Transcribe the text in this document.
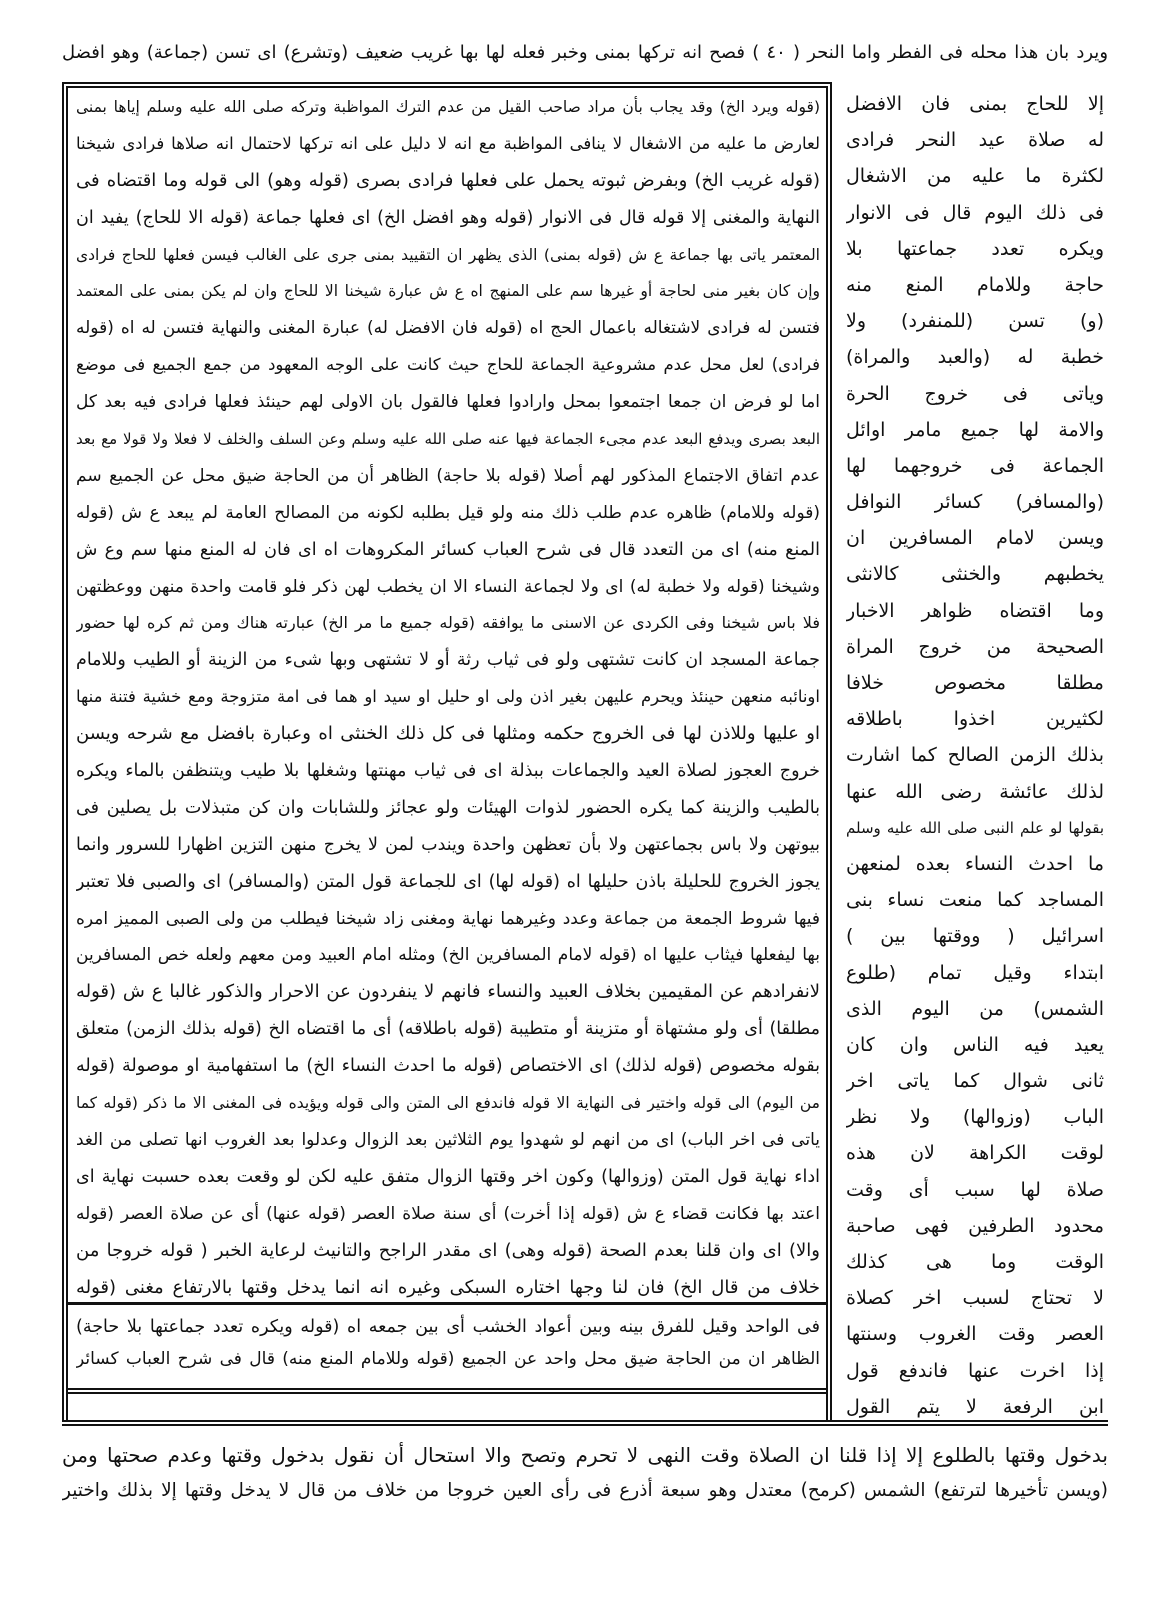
ويرد بان هذا محله فى الفطر واما النحر ( ٤٠ ) فصح انه تركها بمنى وخبر فعله لها بها غريب ضعيف (وتشرع) اى تسن (جماعة) وهو افضل
(قوله ويرد الخ) وقد يجاب بأن مراد صاحب القيل من عدم الترك المواظبة وتركه صلى الله عليه وسلم إياها بمنى
لعارض ما عليه من الاشغال لا ينافى المواظبة مع انه لا دليل على انه تركها لاحتمال انه صلاها فرادى شيخنا
(قوله غريب الخ) وبفرض ثبوته يحمل على فعلها فرادى بصرى (قوله وهو) الى قوله وما اقتضاه فى
النهاية والمغنى إلا قوله قال فى الانوار (قوله وهو افضل الخ) اى فعلها جماعة (قوله الا للحاج) يفيد ان
المعتمر ياتى بها جماعة ع ش (قوله بمنى) الذى يظهر ان التقييد بمنى جرى على الغالب فيسن فعلها للحاج فرادى
وإن كان بغير منى لحاجة أو غيرها سم على المنهج اه ع ش عبارة شيخنا الا للحاج وان لم يكن بمنى على المعتمد
فتسن له فرادى لاشتغاله باعمال الحج اه (قوله فان الافضل له) عبارة المغنى والنهاية فتسن له اه (قوله
فرادى) لعل محل عدم مشروعية الجماعة للحاج حيث كانت على الوجه المعهود من جمع الجميع فى موضع
اما لو فرض ان جمعا اجتمعوا بمحل وارادوا فعلها فالقول بان الاولى لهم حينئذ فعلها فرادى فيه بعد كل
البعد بصرى ويدفع البعد عدم مجىء الجماعة فيها عنه صلى الله عليه وسلم وعن السلف والخلف لا فعلا ولا قولا مع بعد
عدم اتفاق الاجتماع المذكور لهم أصلا (قوله بلا حاجة) الظاهر أن من الحاجة ضيق محل عن الجميع سم
(قوله وللامام) ظاهره عدم طلب ذلك منه ولو قيل بطلبه لكونه من المصالح العامة لم يبعد ع ش (قوله
المنع منه) اى من التعدد قال فى شرح العباب كسائر المكروهات اه اى فان له المنع منها سم وع ش
وشيخنا (قوله ولا خطبة له) اى ولا لجماعة النساء الا ان يخطب لهن ذكر فلو قامت واحدة منهن ووعظتهن
فلا باس شيخنا وفى الكردى عن الاسنى ما يوافقه (قوله جميع ما مر الخ) عبارته هناك ومن ثم كره لها حضور
جماعة المسجد ان كانت تشتهى ولو فى ثياب رثة أو لا تشتهى وبها شىء من الزينة أو الطيب وللامام
اونائبه منعهن حينئذ ويحرم عليهن بغير اذن ولى او حليل او سيد او هما فى امة متزوجة ومع خشية فتنة منها
او عليها وللاذن لها فى الخروج حكمه ومثلها فى كل ذلك الخنثى اه وعبارة بافضل مع شرحه ويسن
خروج العجوز لصلاة العيد والجماعات ببذلة اى فى ثياب مهنتها وشغلها بلا طيب ويتنظفن بالماء ويكره
بالطيب والزينة كما يكره الحضور لذوات الهيئات ولو عجائز وللشابات وان كن متبذلات بل يصلين فى
بيوتهن ولا باس بجماعتهن ولا بأن تعظهن واحدة ويندب لمن لا يخرج منهن التزين اظهارا للسرور وانما
يجوز الخروج للحليلة باذن حليلها اه (قوله لها) اى للجماعة قول المتن (والمسافر) اى والصبى فلا تعتبر
فيها شروط الجمعة من جماعة وعدد وغيرهما نهاية ومغنى زاد شيخنا فيطلب من ولى الصبى المميز امره
بها ليفعلها فيثاب عليها اه (قوله لامام المسافرين الخ) ومثله امام العبيد ومن معهم ولعله خص المسافرين
لانفرادهم عن المقيمين بخلاف العبيد والنساء فانهم لا ينفردون عن الاحرار والذكور غالبا ع ش (قوله
مطلقا) أى ولو مشتهاة أو متزينة أو متطيبة (قوله باطلاقه) أى ما اقتضاه الخ (قوله بذلك الزمن) متعلق
بقوله مخصوص (قوله لذلك) اى الاختصاص (قوله ما احدث النساء الخ) ما استفهامية او موصولة (قوله
من اليوم) الى قوله واختير فى النهاية الا قوله فاندفع الى المتن والى قوله ويؤيده فى المغنى الا ما ذكر (قوله كما
ياتى فى اخر الباب) اى من انهم لو شهدوا يوم الثلاثين بعد الزوال وعدلوا بعد الغروب انها تصلى من الغد
اداء نهاية قول المتن (وزوالها) وكون اخر وقتها الزوال متفق عليه لكن لو وقعت بعده حسبت نهاية اى
اعتد بها فكانت قضاء ع ش (قوله إذا أخرت) أى سنة صلاة العصر (قوله عنها) أى عن صلاة العصر (قوله
والا) اى وان قلنا بعدم الصحة (قوله وهى) اى مقدر الراجح والتانيث لرعاية الخبر ( قوله خروجا من
خلاف من قال الخ) فان لنا وجها اختاره السبكى وغيره انه انما يدخل وقتها بالارتفاع مغنى (قوله
فى الواحد وقيل للفرق بينه وبين أعواد الخشب أى بين جمعه اه (قوله ويكره تعدد جماعتها بلا حاجة)
الظاهر ان من الحاجة ضيق محل واحد عن الجميع (قوله وللامام المنع منه) قال فى شرح العباب كسائر
إلا للحاج بمنى فان الافضل
له صلاة عيد النحر فرادى
لكثرة ما عليه من الاشغال
فى ذلك اليوم قال فى الانوار
ويكره تعدد جماعتها بلا
حاجة وللامام المنع منه
(و) تسن (للمنفرد) ولا
خطبة له (والعبد والمراة)
وياتى فى خروج الحرة
والامة لها جميع مامر اوائل
الجماعة فى خروجهما لها
(والمسافر) كسائر النوافل
ويسن لامام المسافرين ان
يخطبهم والخنثى كالانثى
وما اقتضاه ظواهر الاخبار
الصحيحة من خروج المراة
مطلقا مخصوص خلافا
لكثيرين اخذوا باطلاقه
بذلك الزمن الصالح كما اشارت
لذلك عائشة رضى الله عنها
بقولها لو علم النبى صلى الله عليه وسلم
ما احدث النساء بعده لمنعهن
المساجد كما منعت نساء بنى
اسرائيل ( ووقتها بين )
ابتداء وقيل تمام (طلوع
الشمس) من اليوم الذى
يعيد فيه الناس وان كان
ثانى شوال كما ياتى اخر
الباب (وزوالها) ولا نظر
لوقت الكراهة لان هذه
صلاة لها سبب أى وقت
محدود الطرفين فهى صاحبة
الوقت وما هى كذلك
لا تحتاج لسبب اخر كصلاة
العصر وقت الغروب وسنتها
إذا اخرت عنها فاندفع قول
ابن الرفعة لا يتم القول
بدخول وقتها بالطلوع إلا إذا قلنا ان الصلاة وقت النهى لا تحرم وتصح والا استحال أن نقول بدخول وقتها وعدم صحتها ومن
(ويسن تأخيرها لترتفع) الشمس (كرمح) معتدل وهو سبعة أذرع فى رأى العين خروجا من خلاف من قال لا يدخل وقتها إلا بذلك واختير
